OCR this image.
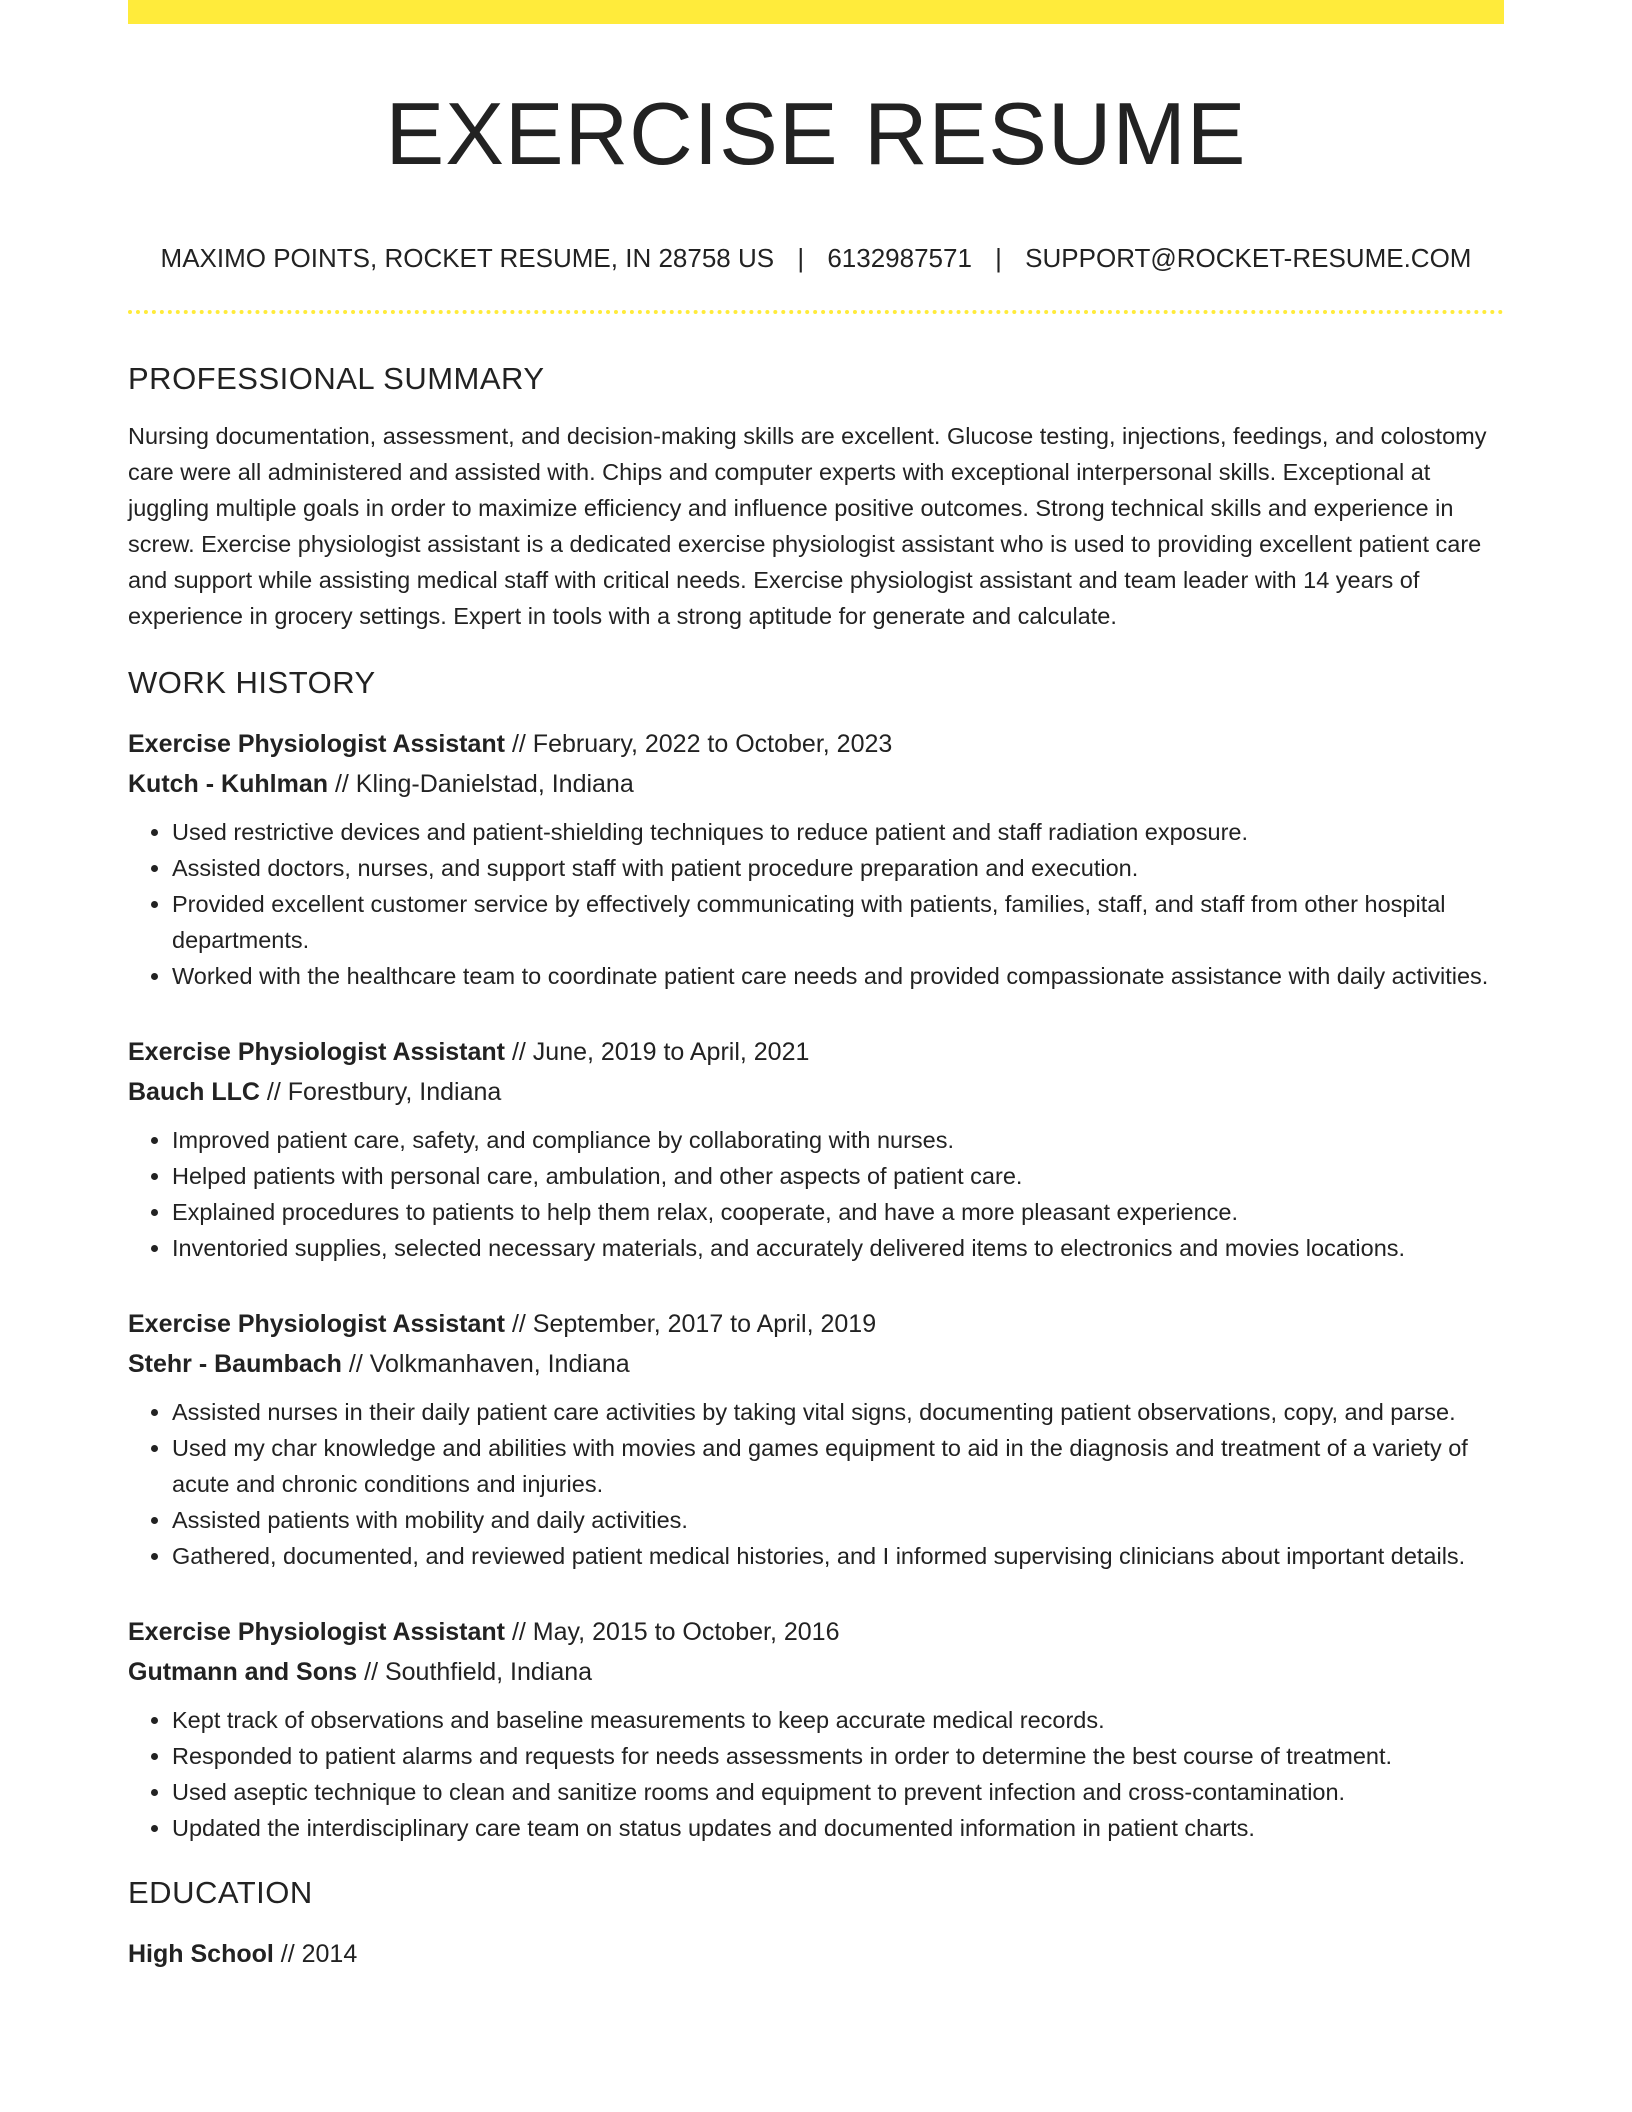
EXERCISE RESUME
MAXIMO POINTS, ROCKET RESUME, IN 28758 US | 6132987571 | SUPPORT@ROCKET-RESUME.COM
PROFESSIONAL SUMMARY
Nursing documentation, assessment, and decision-making skills are excellent. Glucose testing, injections, feedings, and colostomy care were all administered and assisted with. Chips and computer experts with exceptional interpersonal skills. Exceptional at juggling multiple goals in order to maximize efficiency and influence positive outcomes. Strong technical skills and experience in screw. Exercise physiologist assistant is a dedicated exercise physiologist assistant who is used to providing excellent patient care and support while assisting medical staff with critical needs. Exercise physiologist assistant and team leader with 14 years of experience in grocery settings. Expert in tools with a strong aptitude for generate and calculate.
WORK HISTORY
Exercise Physiologist Assistant // February, 2022 to October, 2023
Kutch - Kuhlman // Kling-Danielstad, Indiana
• Used restrictive devices and patient-shielding techniques to reduce patient and staff radiation exposure.
• Assisted doctors, nurses, and support staff with patient procedure preparation and execution.
• Provided excellent customer service by effectively communicating with patients, families, staff, and staff from other hospital departments.
• Worked with the healthcare team to coordinate patient care needs and provided compassionate assistance with daily activities.
Exercise Physiologist Assistant // June, 2019 to April, 2021
Bauch LLC // Forestbury, Indiana
• Improved patient care, safety, and compliance by collaborating with nurses.
• Helped patients with personal care, ambulation, and other aspects of patient care.
• Explained procedures to patients to help them relax, cooperate, and have a more pleasant experience.
• Inventoried supplies, selected necessary materials, and accurately delivered items to electronics and movies locations.
Exercise Physiologist Assistant // September, 2017 to April, 2019
Stehr - Baumbach // Volkmanhaven, Indiana
• Assisted nurses in their daily patient care activities by taking vital signs, documenting patient observations, copy, and parse.
• Used my char knowledge and abilities with movies and games equipment to aid in the diagnosis and treatment of a variety of acute and chronic conditions and injuries.
• Assisted patients with mobility and daily activities.
• Gathered, documented, and reviewed patient medical histories, and I informed supervising clinicians about important details.
Exercise Physiologist Assistant // May, 2015 to October, 2016
Gutmann and Sons // Southfield, Indiana
• Kept track of observations and baseline measurements to keep accurate medical records.
• Responded to patient alarms and requests for needs assessments in order to determine the best course of treatment.
• Used aseptic technique to clean and sanitize rooms and equipment to prevent infection and cross-contamination.
• Updated the interdisciplinary care team on status updates and documented information in patient charts.
EDUCATION
High School // 2014
